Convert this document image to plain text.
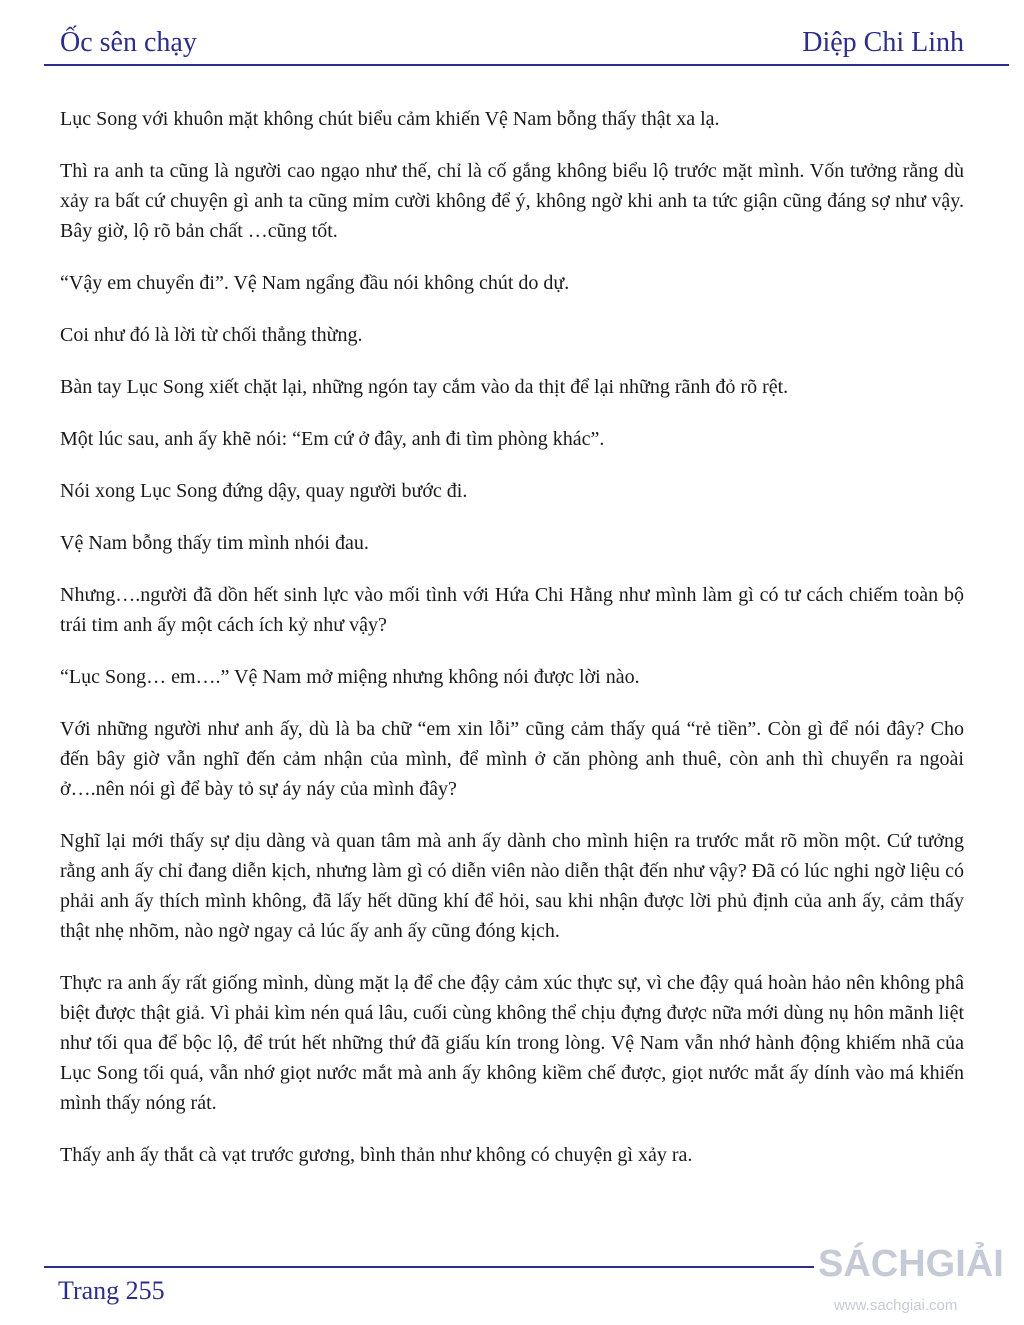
Ốc sên chạy	Diệp Chi Linh

Lục Song với khuôn mặt không chút biểu cảm khiến Vệ Nam bỗng thấy thật xa lạ.

Thì ra anh ta cũng là người cao ngạo như thế, chỉ là cố gắng không biểu lộ trước mặt mình. Vốn tưởng rằng dù xảy ra bất cứ chuyện gì anh ta cũng mỉm cười không để ý, không ngờ khi anh ta tức giận cũng đáng sợ như vậy. Bây giờ, lộ rõ bản chất …cũng tốt.

“Vậy em chuyển đi”. Vệ Nam ngẩng đầu nói không chút do dự.

Coi như đó là lời từ chối thẳng thừng.

Bàn tay Lục Song xiết chặt lại, những ngón tay cắm vào da thịt để lại những rãnh đỏ rõ rệt.

Một lúc sau, anh ấy khẽ nói: “Em cứ ở đây, anh đi tìm phòng khác”.

Nói xong Lục Song đứng dậy, quay người bước đi.

Vệ Nam bỗng thấy tim mình nhói đau.

Nhưng….người đã dồn hết sinh lực vào mối tình với Hứa Chi Hằng như mình làm gì có tư cách chiếm toàn bộ trái tim anh ấy một cách ích kỷ như vậy?

“Lục Song… em….” Vệ Nam mở miệng nhưng không nói được lời nào.

Với những người như anh ấy, dù là ba chữ “em xin lỗi” cũng cảm thấy quá “rẻ tiền”. Còn gì để nói đây? Cho đến bây giờ vẫn nghĩ đến cảm nhận của mình, để mình ở căn phòng anh thuê, còn anh thì chuyển ra ngoài ở….nên nói gì để bày tỏ sự áy náy của mình đây?

Nghĩ lại mới thấy sự dịu dàng và quan tâm mà anh ấy dành cho mình hiện ra trước mắt rõ mồn một. Cứ tưởng rằng anh ấy chỉ đang diễn kịch, nhưng làm gì có diễn viên nào diễn thật đến như vậy? Đã có lúc nghi ngờ liệu có phải anh ấy thích mình không, đã lấy hết dũng khí để hỏi, sau khi nhận được lời phủ định của anh ấy, cảm thấy thật nhẹ nhõm, nào ngờ ngay cả lúc ấy anh ấy cũng đóng kịch.

Thực ra anh ấy rất giống mình, dùng mặt lạ để che đậy cảm xúc thực sự, vì che đậy quá hoàn hảo nên không phâ biệt được thật giả. Vì phải kìm nén quá lâu, cuối cùng không thể chịu đựng được nữa mới dùng nụ hôn mãnh liệt như tối qua để bộc lộ, để trút hết những thứ đã giấu kín trong lòng. Vệ Nam vẫn nhớ hành động khiếm nhã của Lục Song tối quá, vẫn nhớ giọt nước mắt mà anh ấy không kiềm chế được, giọt nước mắt ấy dính vào má khiến mình thấy nóng rát.

Thấy anh ấy thắt cà vạt trước gương, bình thản như không có chuyện gì xảy ra.

Trang 255
SÁCHGIẢI
www.sachgiai.com
